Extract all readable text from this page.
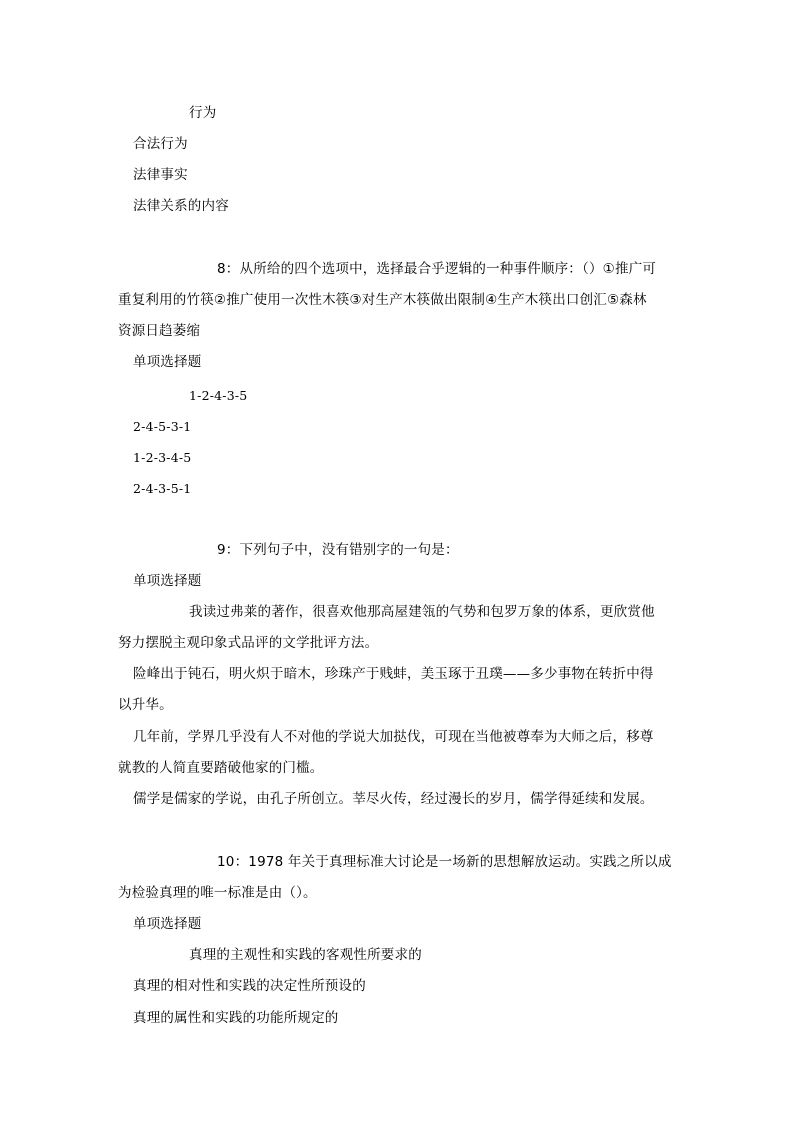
行为
合法行为
法律事实
法律关系的内容
8：从所给的四个选项中，选择最合乎逻辑的一种事件顺序：（）①推广可
重复利用的竹筷②推广使用一次性木筷③对生产木筷做出限制④生产木筷出口创汇⑤森林
资源日趋萎缩
单项选择题
1-2-4-3-5
2-4-5-3-1
1-2-3-4-5
2-4-3-5-1
9：下列句子中，没有错别字的一句是：
单项选择题
我读过弗莱的著作，很喜欢他那高屋建瓴的气势和包罗万象的体系，更欣赏他
努力摆脱主观印象式品评的文学批评方法。
险峰出于钝石，明火炽于暗木，珍珠产于贱蚌，美玉琢于丑璞——多少事物在转折中得
以升华。
几年前，学界几乎没有人不对他的学说大加挞伐，可现在当他被尊奉为大师之后，移尊
就教的人简直要踏破他家的门槛。
儒学是儒家的学说，由孔子所创立。莘尽火传，经过漫长的岁月，儒学得延续和发展。
10：1978 年关于真理标准大讨论是一场新的思想解放运动。实践之所以成
为检验真理的唯一标准是由（）。
单项选择题
真理的主观性和实践的客观性所要求的
真理的相对性和实践的决定性所预设的
真理的属性和实践的功能所规定的
